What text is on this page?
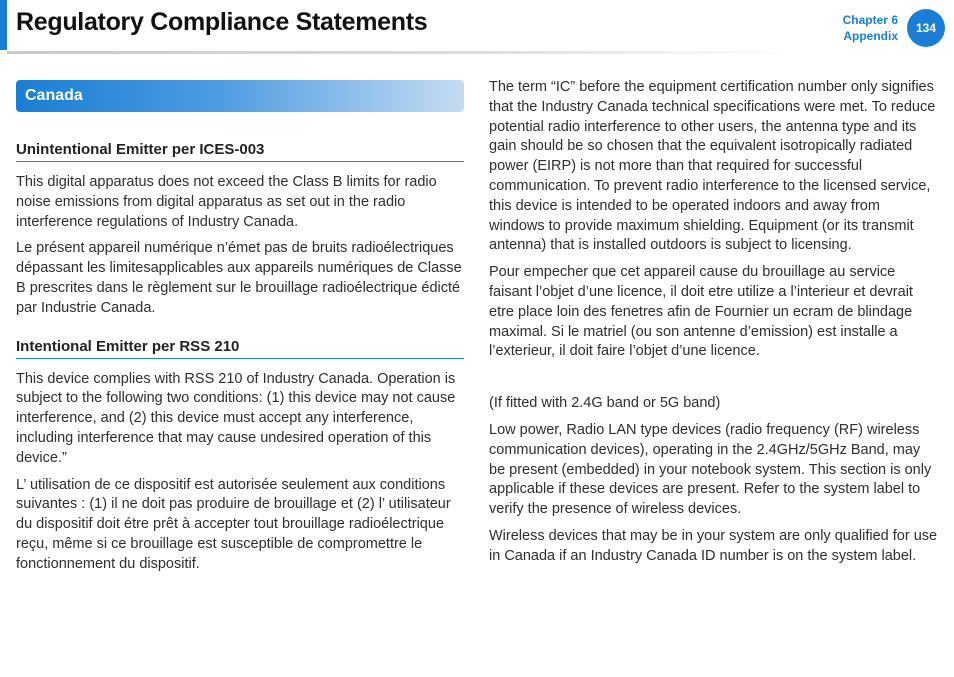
Regulatory Compliance Statements	Chapter 6
Appendix
134
Canada
Unintentional Emitter per ICES-003

This digital apparatus does not exceed the Class B limits for radio noise emissions from digital apparatus as set out in the radio interference regulations of Industry Canada.

Le présent appareil numérique n’émet pas de bruits radioélectriques dépassant les limitesapplicables aux appareils numériques de Classe B prescrites dans le règlement sur le brouillage radioélectrique édicté par Industrie Canada.

Intentional Emitter per RSS 210

This device complies with RSS 210 of Industry Canada. Operation is subject to the following two conditions: (1) this device may not cause interference, and (2) this device must accept any interference, including interference that may cause undesired operation of this device.”

L’ utilisation de ce dispositif est autorisée seulement aux conditions suivantes : (1) il ne doit pas produire de brouillage et (2) l’ utilisateur du dispositif doit étre prêt à accepter tout brouillage radioélectrique reçu, même si ce brouillage est susceptible de compromettre le fonctionnement du dispositif.

The term “IC” before the equipment certification number only signifies that the Industry Canada technical specifications were met. To reduce potential radio interference to other users, the antenna type and its gain should be so chosen that the equivalent isotropically radiated power (EIRP) is not more than that required for successful communication. To prevent radio interference to the licensed service, this device is intended to be operated indoors and away from windows to provide maximum shielding. Equipment (or its transmit antenna) that is installed outdoors is subject to licensing.

Pour empecher que cet appareil cause du brouillage au service faisant l’objet d’une licence, il doit etre utilize a l’interieur et devrait etre place loin des fenetres afin de Fournier un ecram de blindage maximal. Si le matriel (ou son antenne d’emission) est installe a l’exterieur, il doit faire l’objet d’une licence.

(If fitted with 2.4G band or 5G band)

Low power, Radio LAN type devices (radio frequency (RF) wireless communication devices), operating in the 2.4GHz/5GHz Band, may be present (embedded) in your notebook system. This section is only applicable if these devices are present. Refer to the system label to verify the presence of wireless devices.

Wireless devices that may be in your system are only qualified for use in Canada if an Industry Canada ID number is on the system label.
